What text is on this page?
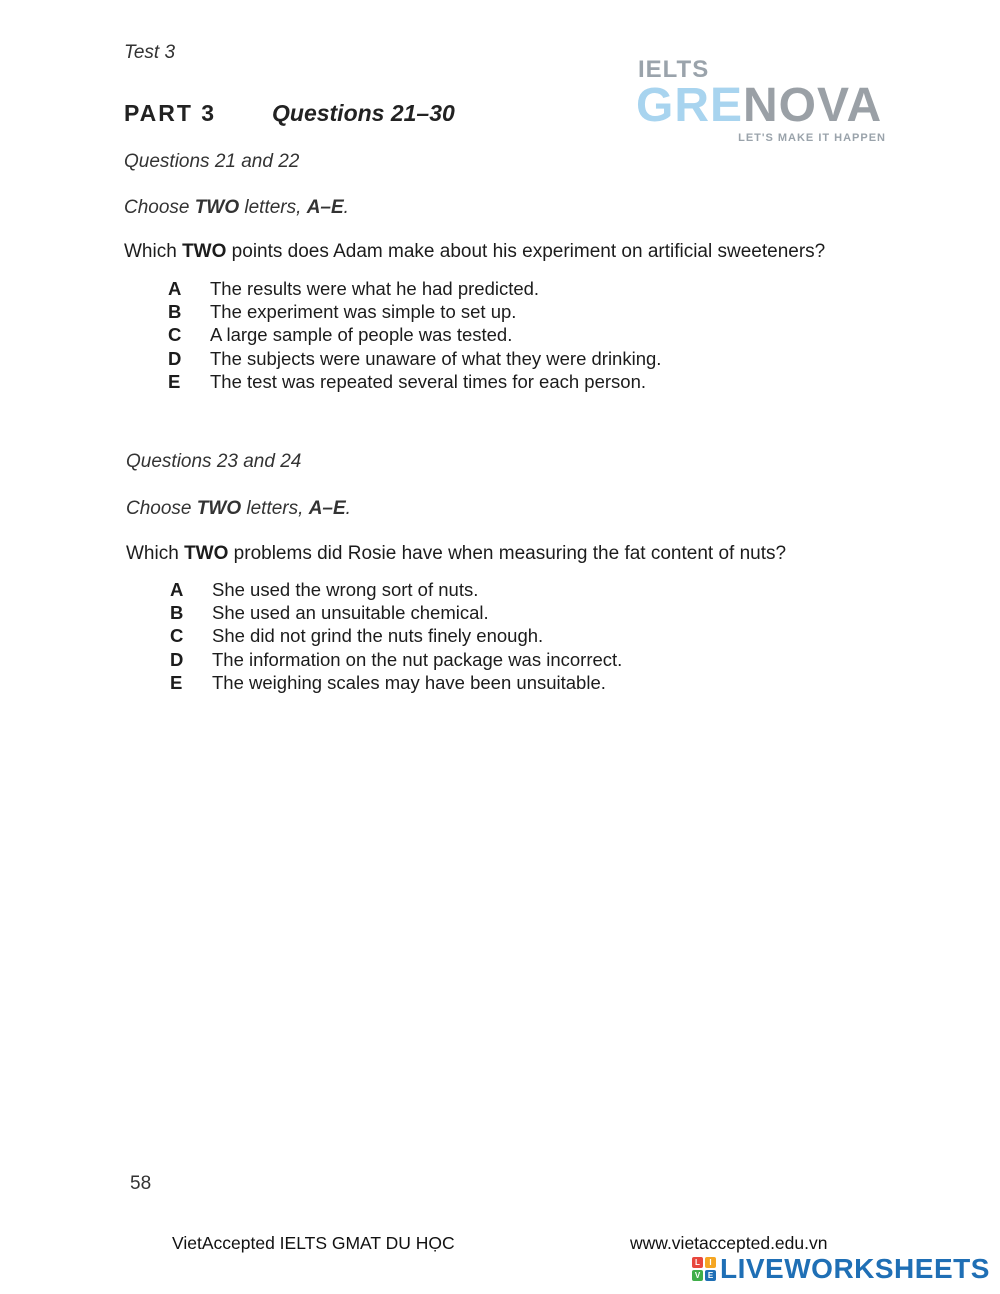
Test 3
PART 3	Questions 21–30
IELTS
GRENOVA
LET'S MAKE IT HAPPEN
Questions 21 and 22
Choose TWO letters, A–E.
Which TWO points does Adam make about his experiment on artificial sweeteners?
A	The results were what he had predicted.
B	The experiment was simple to set up.
C	A large sample of people was tested.
D	The subjects were unaware of what they were drinking.
E	The test was repeated several times for each person.
Questions 23 and 24
Choose TWO letters, A–E.
Which TWO problems did Rosie have when measuring the fat content of nuts?
A	She used the wrong sort of nuts.
B	She used an unsuitable chemical.
C	She did not grind the nuts finely enough.
D	The information on the nut package was incorrect.
E	The weighing scales may have been unsuitable.
58
VietAccepted IELTS GMAT DU HỌC	www.vietaccepted.edu.vn
L	I
V E LIVEWORKSHEETS
